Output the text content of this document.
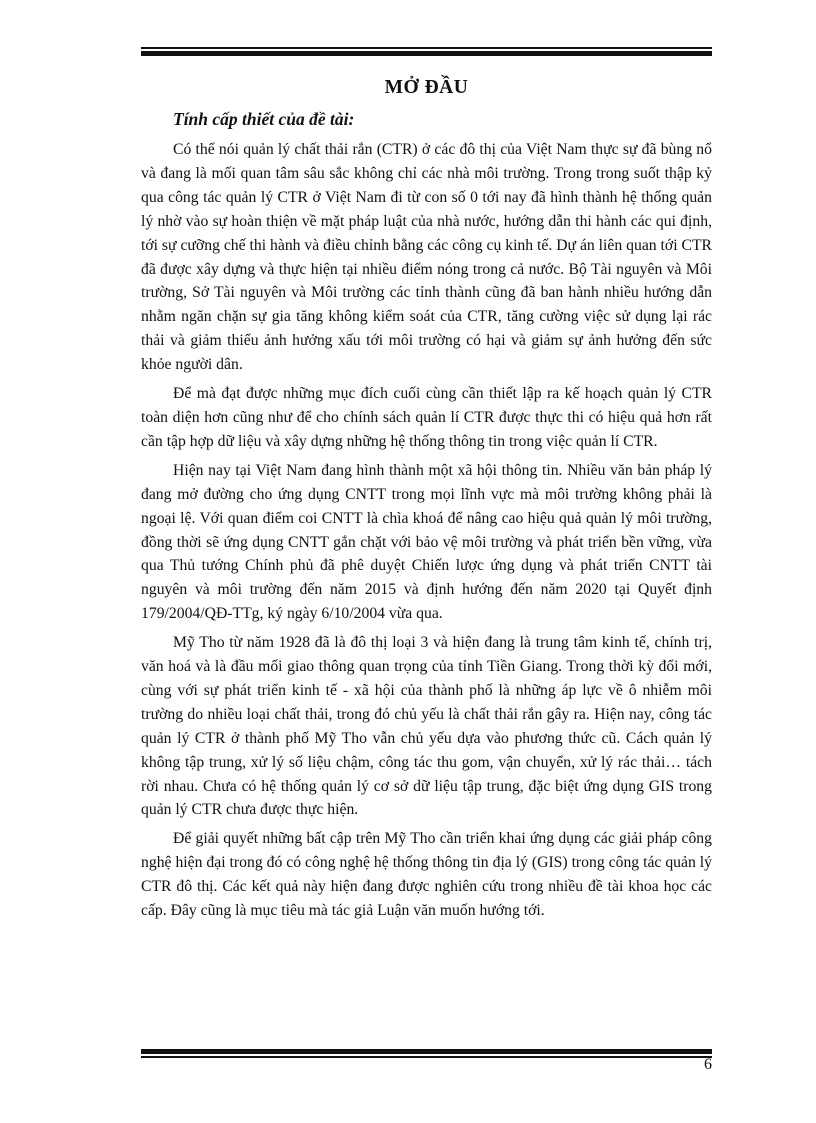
MỞ ĐẦU
Tính cấp thiết của đề tài:

Có thể nói quản lý chất thải rắn (CTR) ở các đô thị của Việt Nam thực sự đã bùng nổ và đang là mối quan tâm sâu sắc không chỉ các nhà môi trường. Trong trong suốt thập kỷ qua công tác quản lý CTR ở Việt Nam đi từ con số 0 tới nay đã hình thành hệ thống quản lý nhờ vào sự hoàn thiện về mặt pháp luật của nhà nước, hướng dẫn thi hành các qui định, tới sự cưỡng chế thi hành và điều chỉnh bằng các công cụ kinh tế. Dự án liên quan tới CTR đã được xây dựng và thực hiện tại nhiều điểm nóng trong cả nước. Bộ Tài nguyên và Môi trường, Sở Tài nguyên và Môi trường các tỉnh thành cũng đã ban hành nhiều hướng dẫn nhằm ngăn chặn sự gia tăng không kiểm soát của CTR, tăng cường việc sử dụng lại rác thải và giảm thiểu ảnh hưởng xấu tới môi trường có hại và giảm sự ảnh hưởng đến sức khỏe người dân.

Để mà đạt được những mục đích cuối cùng cần thiết lập ra kế hoạch quản lý CTR toàn diện hơn cũng như để cho chính sách quản lí CTR được thực thi có hiệu quả hơn rất cần tập hợp dữ liệu và xây dựng những hệ thống thông tin trong việc quản lí CTR.

Hiện nay tại Việt Nam đang hình thành một xã hội thông tin. Nhiều văn bản pháp lý đang mở đường cho ứng dụng CNTT trong mọi lĩnh vực mà môi trường không phải là ngoại lệ. Với quan điểm coi CNTT là chìa khoá để nâng cao hiệu quả quản lý môi trường, đồng thời sẽ ứng dụng CNTT gắn chặt với bảo vệ môi trường và phát triển bền vững, vừa qua Thủ tướng Chính phủ đã phê duyệt Chiến lược ứng dụng và phát triển CNTT tài nguyên và môi trường đến năm 2015 và định hướng đến năm 2020 tại Quyết định 179/2004/QĐ-TTg, ký ngày 6/10/2004 vừa qua.

Mỹ Tho từ năm 1928 đã là đô thị loại 3 và hiện đang là trung tâm kinh tế, chính trị, văn hoá và là đầu mối giao thông quan trọng của tỉnh Tiền Giang. Trong thời kỳ đổi mới, cùng với sự phát triển kinh tế - xã hội của thành phố là những áp lực về ô nhiễm môi trường do nhiều loại chất thải, trong đó chủ yếu là chất thải rắn gây ra. Hiện nay, công tác quản lý CTR ở thành phố Mỹ Tho vẫn chủ yếu dựa vào phương thức cũ. Cách quản lý không tập trung, xử lý số liệu chậm, công tác thu gom, vận chuyển, xử lý rác thải… tách rời nhau. Chưa có hệ thống quản lý cơ sở dữ liệu tập trung, đặc biệt ứng dụng GIS trong quản lý CTR chưa được thực hiện.

Để giải quyết những bất cập trên Mỹ Tho cần triển khai ứng dụng các giải pháp công nghệ hiện đại trong đó có công nghệ hệ thống thông tin địa lý (GIS) trong công tác quản lý CTR đô thị. Các kết quả này hiện đang được nghiên cứu trong nhiều đề tài khoa học các cấp. Đây cũng là mục tiêu mà tác giả Luận văn muốn hướng tới.

6
